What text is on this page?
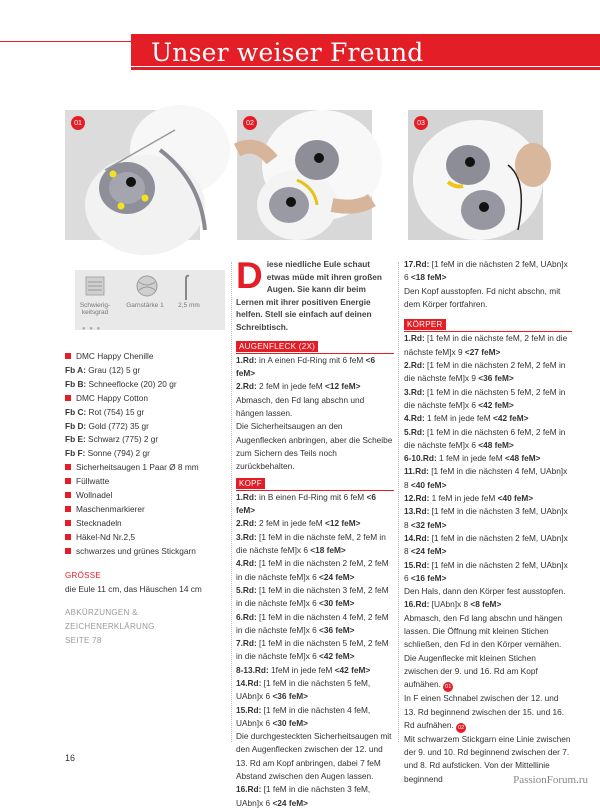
Unser weiser Freund
01	02	03
Schwierig-keitsgrad
Garnstärke 1	2,5 mm
● ● ●
DMC Happy Chenille
Fb A: Grau (12) 5 gr
Fb B: Schneeflocke (20) 20 gr
DMC Happy Cotton
Fb C: Rot (754) 15 gr
Fb D: Gold (772) 35 gr
Fb E: Schwarz (775) 2 gr
Fb F: Sonne (794) 2 gr
Sicherheitsaugen 1 Paar Ø 8 mm
Füllwatte
Wollnadel
Maschenmarkierer
Stecknadeln
Häkel-Nd Nr.2,5
schwarzes und grünes Stickgarn
GRÖSSE
die Eule 11 cm, das Häuschen 14 cm
ABKÜRZUNGEN & ZEICHENERKLÄRUNG
SEITE 78
Diese niedliche Eule schaut etwas müde mit ihren großen Augen. Sie kann dir beim Lernen mit ihrer positiven Energie helfen. Stell sie einfach auf deinen Schreibtisch.
AUGENFLECK (2X)
1.Rd: in A einen Fd-Ring mit 6 feM <6 feM>
2.Rd: 2 feM in jede feM <12 feM>
Abmasch, den Fd lang abschn und hängen lassen.
Die Sicherheitsaugen an den Augenflecken anbringen, aber die Scheibe zum Sichern des Teils noch zurückbehalten.
KOPF
1.Rd: in B einen Fd-Ring mit 6 feM <6 feM>
2.Rd: 2 feM in jede feM <12 feM>
3.Rd: [1 feM in die nächste feM, 2 feM in die nächste feM]x 6 <18 feM>
4.Rd: [1 feM in die nächsten 2 feM, 2 feM in die nächste feM]x 6 <24 feM>
5.Rd: [1 feM in die nächsten 3 feM, 2 feM in die nächste feM]x 6 <30 feM>
6.Rd: [1 feM in die nächsten 4 feM, 2 feM in die nächste feM]x 6 <36 feM>
7.Rd: [1 feM in die nächsten 5 feM, 2 feM in die nächste feM]x 6 <42 feM>
8-13.Rd: 1feM in jede feM <42 feM>
14.Rd: [1 feM in die nächsten 5 feM, UAbn]x 6 <36 feM>
15.Rd: [1 feM in die nächsten 4 feM, UAbn]x 6 <30 feM>
Die durchgesteckten Sicherheitsaugen mit den Augenflecken zwischen der 12. und 13. Rd am Kopf anbringen, dabei 7 feM Abstand zwischen den Augen lassen.
16.Rd: [1 feM in die nächsten 3 feM, UAbn]x 6 <24 feM>
17.Rd: [1 feM in die nächsten 2 feM, UAbn]x 6 <18 feM>
Den Kopf ausstopfen. Fd nicht abschn, mit dem Körper fortfahren.
KÖRPER
1.Rd: [1 feM in die nächste feM, 2 feM in die nächste feM]x 9 <27 feM>
2.Rd: [1 feM in die nächsten 2 feM, 2 feM in die nächste feM]x 9 <36 feM>
3.Rd: [1 feM in die nächsten 5 feM, 2 feM in die nächste feM]x 6 <42 feM>
4.Rd: 1 feM in jede feM <42 feM>
5.Rd: [1 feM in die nächsten 6 feM, 2 feM in die nächste feM]x 6 <48 feM>
6-10.Rd: 1 feM in jede feM <48 feM>
11.Rd: [1 feM in die nächsten 4 feM, UAbn]x 8 <40 feM>
12.Rd: 1 feM in jede feM <40 feM>
13.Rd: [1 feM in die nächsten 3 feM, UAbn]x 8 <32 feM>
14.Rd: [1 feM in die nächsten 2 feM, UAbn]x 8 <24 feM>
15.Rd: [1 feM in die nächsten 2 feM, UAbn]x 6 <16 feM>
Den Hals, dann den Körper fest ausstopfen.
16.Rd: [UAbn]x 8 <8 feM>
Abmasch, den Fd lang abschn und hängen lassen. Die Öffnung mit kleinen Stichen schließen, den Fd in den Körper vernähen.
Die Augenflecke mit kleinen Stichen zwischen der 9. und 16. Rd am Kopf aufnähen. 01
In F einen Schnabel zwischen der 12. und 13. Rd beginnend zwischen der 15. und 16. Rd aufnähen. 02
Mit schwarzem Stickgarn eine Linie zwischen der 9. und 10. Rd beginnend zwischen der 7. und 8. Rd aufsticken. Von der Mittellinie beginnend
16
PassionForum.ru
